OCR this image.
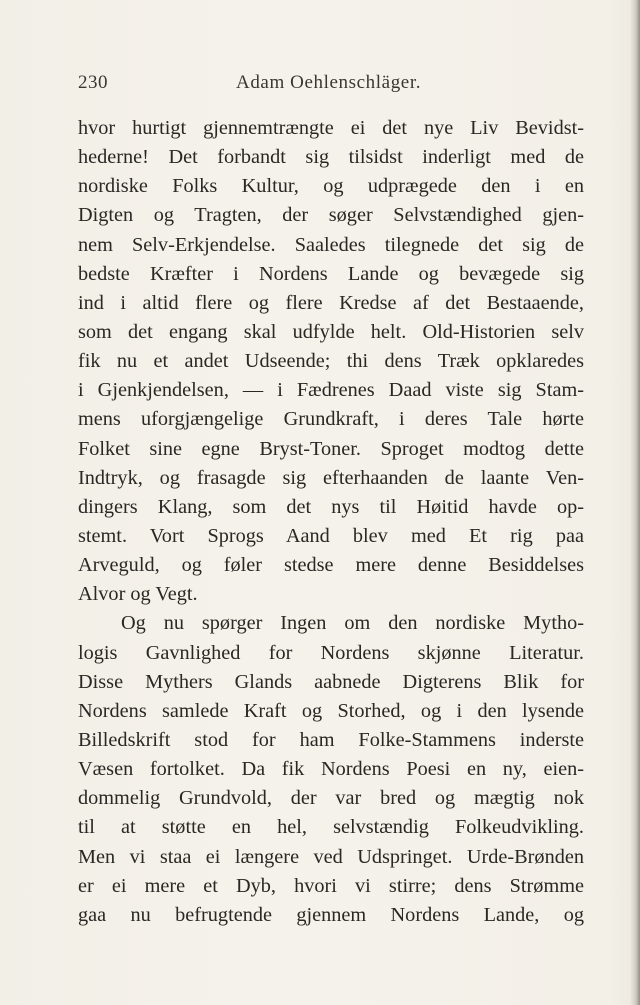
230	Adam Oehlenschläger.
hvor hurtigt gjennemtrængte ei det nye Liv Bevidst-
hederne! Det forbandt sig tilsidst inderligt med de
nordiske Folks Kultur, og udprægede den i en
Digten og Tragten, der søger Selvstændighed gjen-
nem Selv-Erkjendelse. Saaledes tilegnede det sig de
bedste Kræfter i Nordens Lande og bevægede sig
ind i altid flere og flere Kredse af det Bestaaende,
som det engang skal udfylde helt. Old-Historien selv
fik nu et andet Udseende; thi dens Træk opklaredes
i Gjenkjendelsen, — i Fædrenes Daad viste sig Stam-
mens uforgjængelige Grundkraft, i deres Tale hørte
Folket sine egne Bryst-Toner. Sproget modtog dette
Indtryk, og frasagde sig efterhaanden de laante Ven-
dingers Klang, som det nys til Høitid havde op-
stemt. Vort Sprogs Aand blev med Et rig paa
Arveguld, og føler stedse mere denne Besiddelses
Alvor og Vegt.
Og nu spørger Ingen om den nordiske Mytho-
logis Gavnlighed for Nordens skjønne Literatur.
Disse Mythers Glands aabnede Digterens Blik for
Nordens samlede Kraft og Storhed, og i den lysende
Billedskrift stod for ham Folke-Stammens inderste
Væsen fortolket. Da fik Nordens Poesi en ny, eien-
dommelig Grundvold, der var bred og mægtig nok
til at støtte en hel, selvstændig Folkeudvikling.
Men vi staa ei længere ved Udspringet. Urde-Brønden
er ei mere et Dyb, hvori vi stirre; dens Strømme
gaa nu befrugtende gjennem Nordens Lande, og
